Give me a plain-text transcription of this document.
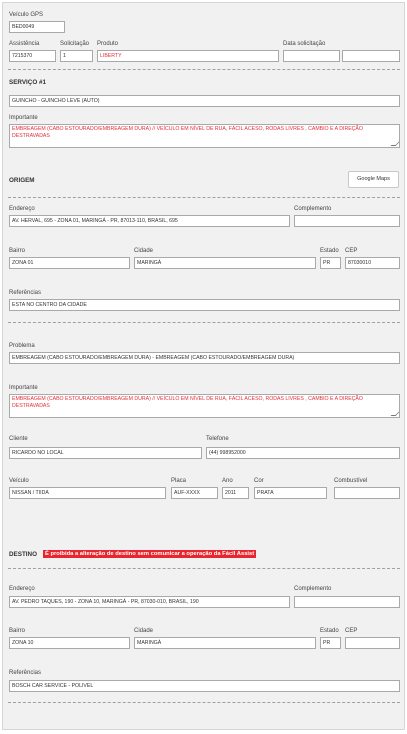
Veículo GPS
BED0049
Assistência
7215370
Solicitação
1
Produto
LIBERTY
Data solicitação
SERVIÇO #1
GUINCHO - GUINCHO LEVE (AUTO)
Importante
EMBREAGEM (CABO ESTOURADO/EMBREAGEM DURA) // VEÍCULO EM NÍVEL DE RUA, FÁCIL ACESO, RODAS LIVRES , CAMBIO E A DIREÇÃO DESTRAVADAS
ORIGEM	Google Maps
Endereço
AV. HERVAL, 695 - ZONA 01, MARINGÁ - PR, 87013-110, BRASIL, 695
Complemento
Bairro
ZONA 01
Cidade
MARINGÁ
Estado
PR
CEP
87030010
Referências
ESTA NO CENTRO DA CIDADE
Problema
EMBREAGEM (CABO ESTOURADO/EMBREAGEM DURA) - EMBREAGEM (CABO ESTOURADO/EMBREAGEM DURA)
Importante
EMBREAGEM (CABO ESTOURADO/EMBREAGEM DURA) // VEÍCULO EM NÍVEL DE RUA, FÁCIL ACESO, RODAS LIVRES , CAMBIO E A DIREÇÃO DESTRAVADAS
Cliente
RICARDO NO LOCAL
Telefone
(44) 998952000
Veículo
NISSAN / TIIDA
Placa
AUF-XXXX
Ano
2011
Cor
PRATA
Combustível
DESTINO	É proibida a alteração de destino sem comunicar a operação da Fácil Assist
Endereço
AV. PEDRO TAQUES, 190 - ZONA 10, MARINGÁ - PR, 87030-010, BRASIL, 190
Complemento
Bairro
ZONA 10
Cidade
MARINGÁ
Estado
PR
CEP
Referências
BOSCH CAR SERVICE - POLIVEL
